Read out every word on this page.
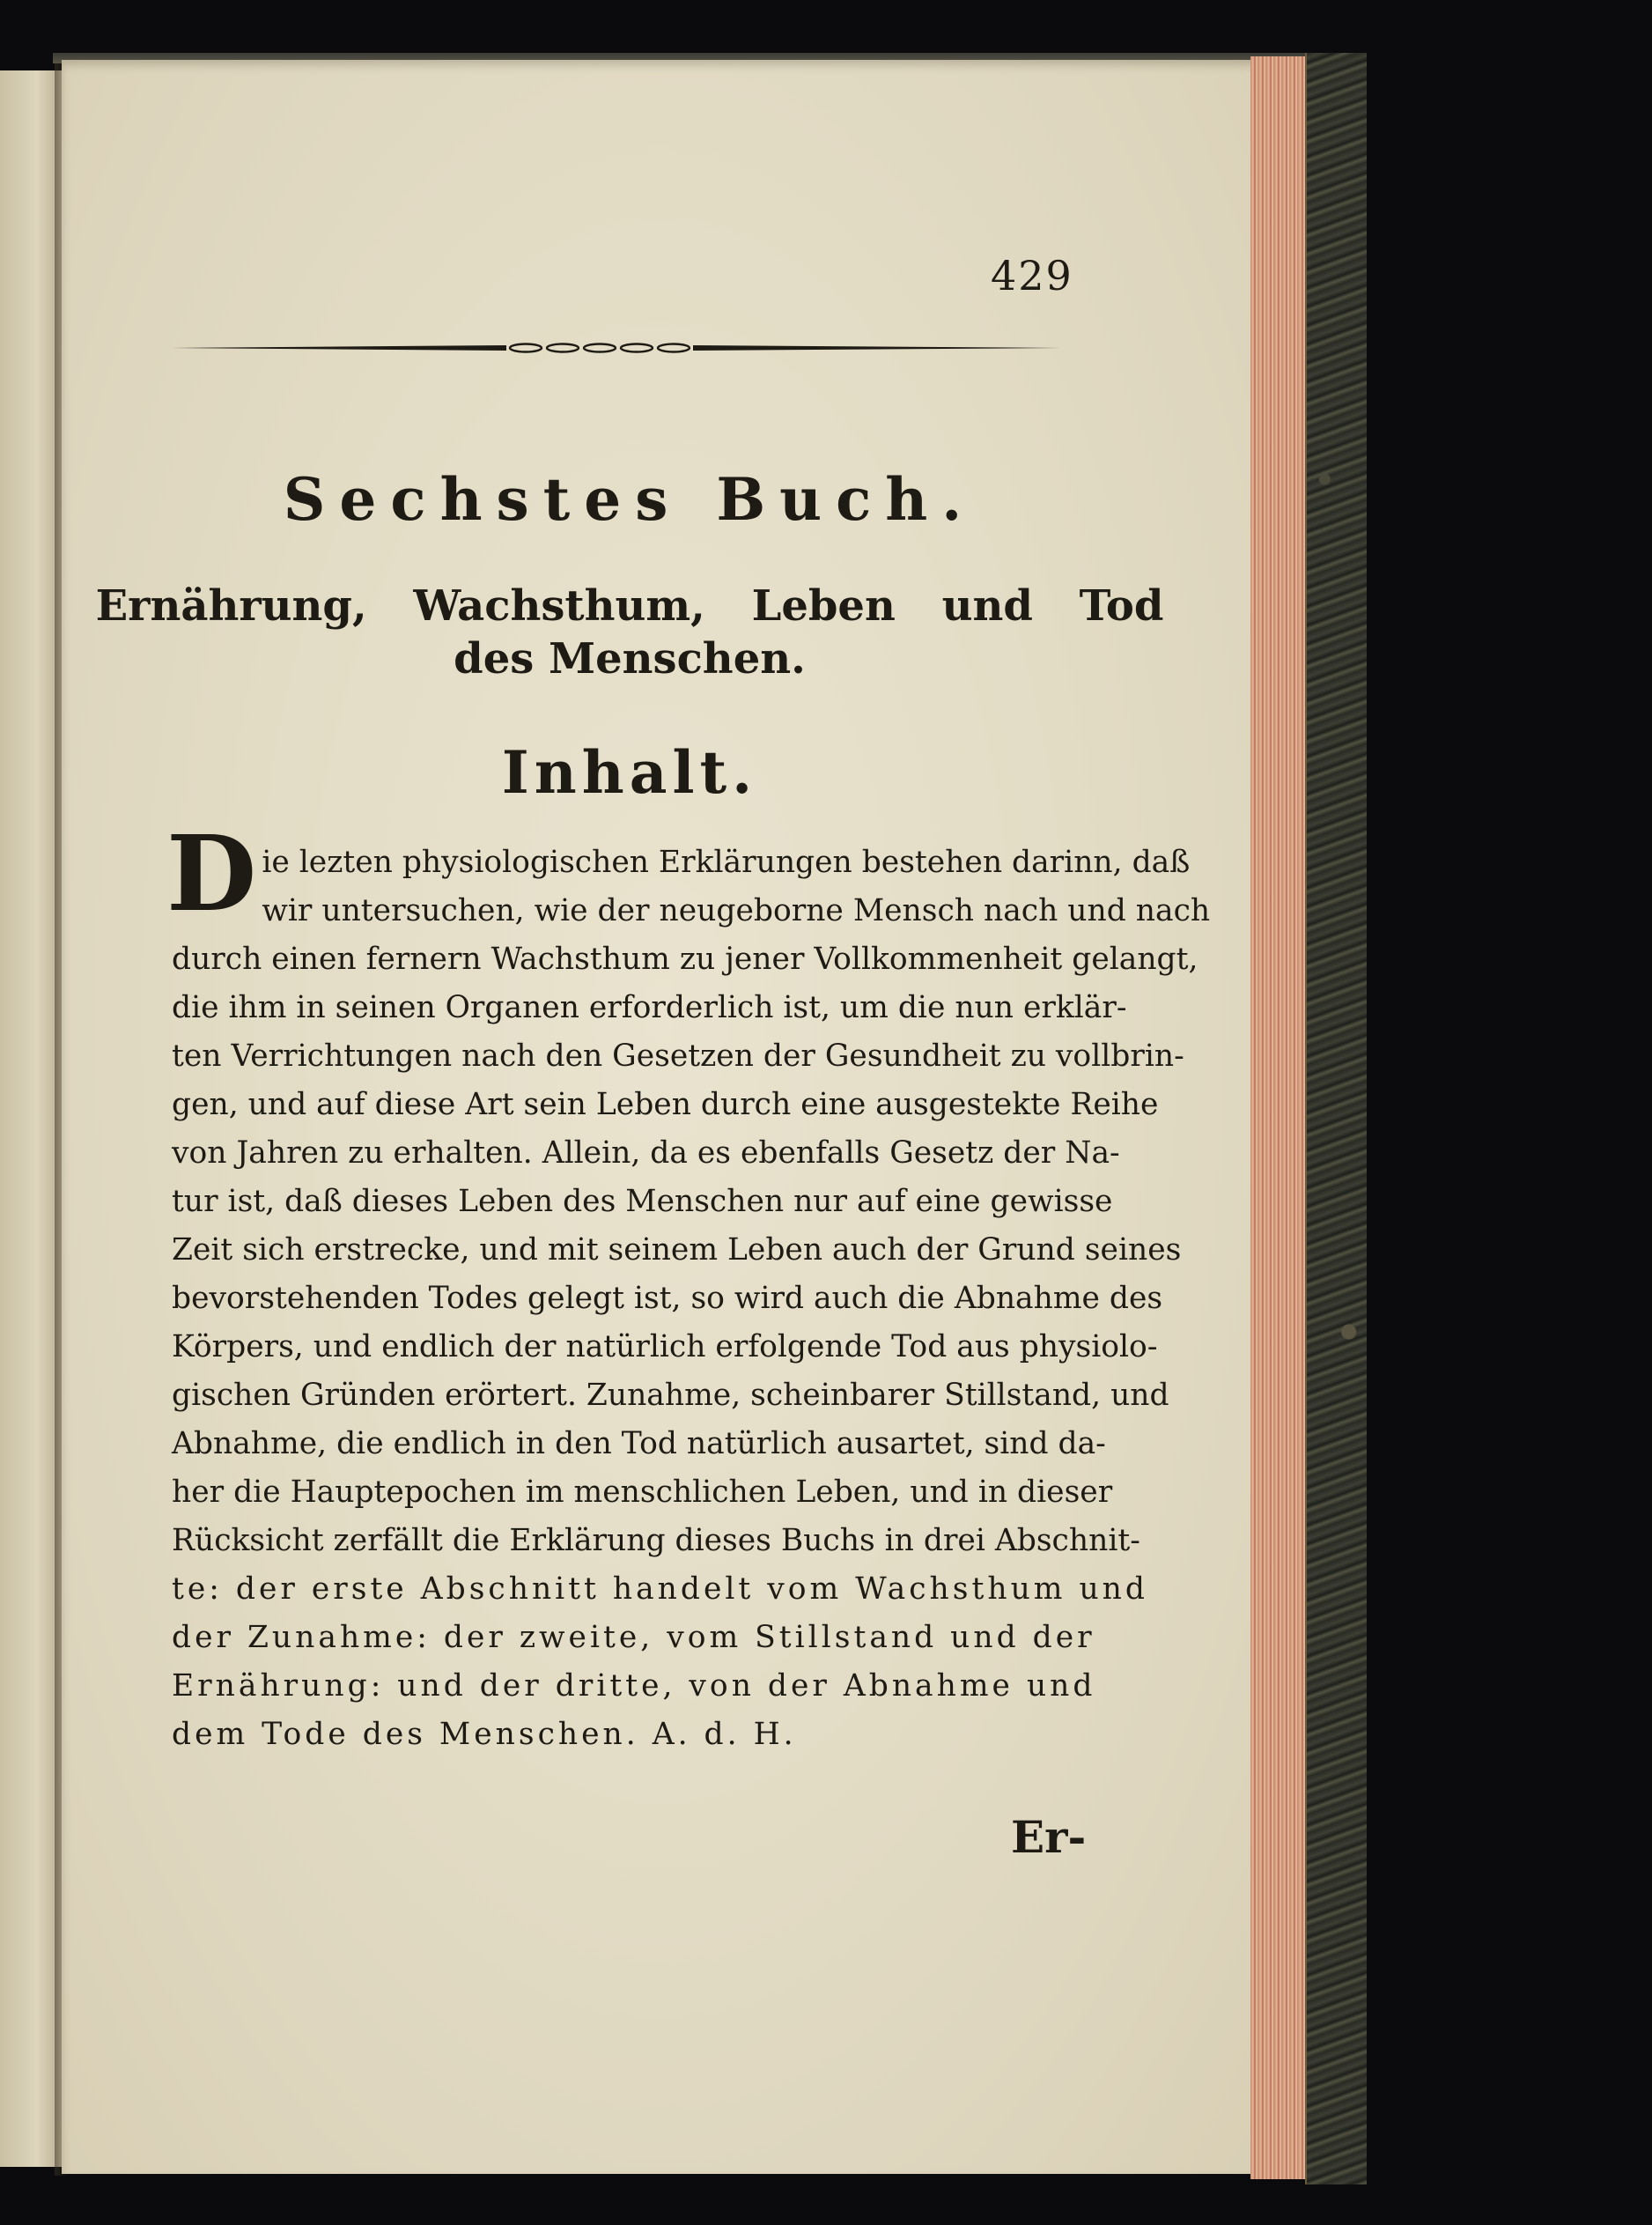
429
Sechstes Buch.
Ernährung, Wachsthum, Leben und Tod
des Menschen.
Inhalt.
D ie lezten physiologischen Erklärungen bestehen darinn, daß
wir untersuchen, wie der neugeborne Mensch nach und nach
durch einen fernern Wachsthum zu jener Vollkommenheit gelangt,
die ihm in seinen Organen erforderlich ist, um die nun erklär-
ten Verrichtungen nach den Gesetzen der Gesundheit zu vollbrin-
gen, und auf diese Art sein Leben durch eine ausgestekte Reihe
von Jahren zu erhalten. Allein, da es ebenfalls Gesetz der Na-
tur ist, daß dieses Leben des Menschen nur auf eine gewisse
Zeit sich erstrecke, und mit seinem Leben auch der Grund seines
bevorstehenden Todes gelegt ist, so wird auch die Abnahme des
Körpers, und endlich der natürlich erfolgende Tod aus physiolo-
gischen Gründen erörtert. Zunahme, scheinbarer Stillstand, und
Abnahme, die endlich in den Tod natürlich ausartet, sind da-
her die Hauptepochen im menschlichen Leben, und in dieser
Rücksicht zerfällt die Erklärung dieses Buchs in drei Abschnit-
te: der erste Abschnitt handelt vom Wachsthum und
der Zunahme: der zweite, vom Stillstand und der
Ernährung: und der dritte, von der Abnahme und
dem Tode des Menschen. A. d. H.
Er-
